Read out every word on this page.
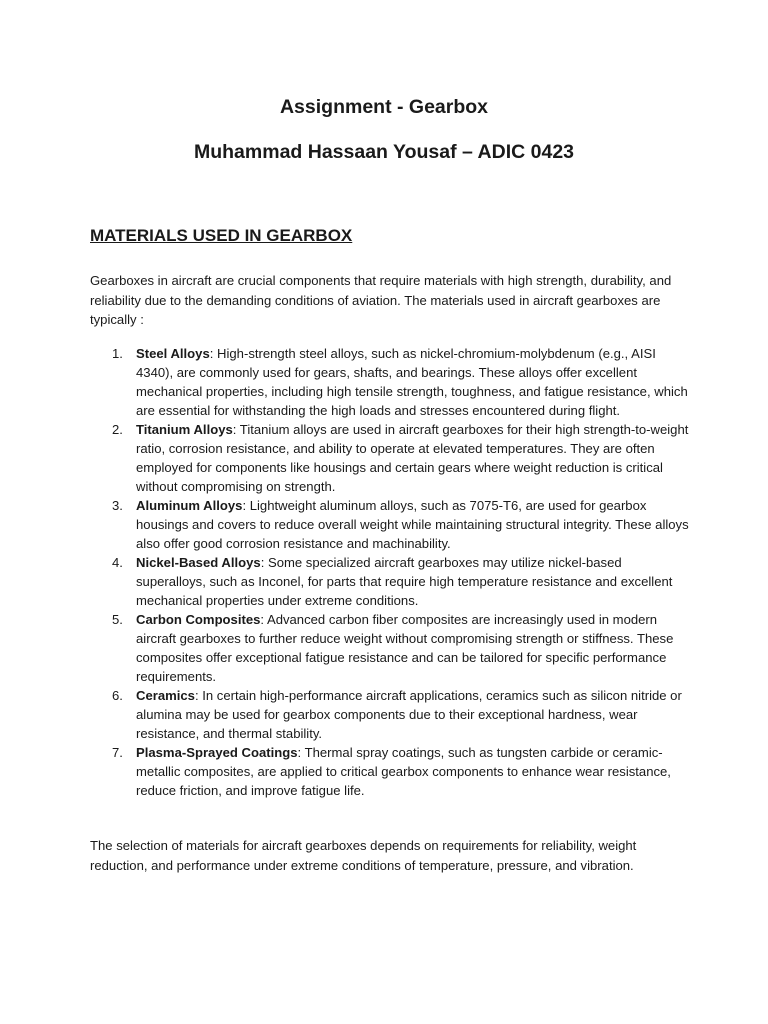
Assignment - Gearbox
Muhammad Hassaan Yousaf – ADIC 0423
MATERIALS USED IN GEARBOX

Gearboxes in aircraft are crucial components that require materials with high strength, durability, and reliability due to the demanding conditions of aviation. The materials used in aircraft gearboxes are typically :

1. Steel Alloys: High-strength steel alloys, such as nickel-chromium-molybdenum (e.g., AISI 4340), are commonly used for gears, shafts, and bearings. These alloys offer excellent mechanical properties, including high tensile strength, toughness, and fatigue resistance, which are essential for withstanding the high loads and stresses encountered during flight.
2. Titanium Alloys: Titanium alloys are used in aircraft gearboxes for their high strength-to-weight ratio, corrosion resistance, and ability to operate at elevated temperatures. They are often employed for components like housings and certain gears where weight reduction is critical without compromising on strength.
3. Aluminum Alloys: Lightweight aluminum alloys, such as 7075-T6, are used for gearbox housings and covers to reduce overall weight while maintaining structural integrity. These alloys also offer good corrosion resistance and machinability.
4. Nickel-Based Alloys: Some specialized aircraft gearboxes may utilize nickel-based superalloys, such as Inconel, for parts that require high temperature resistance and excellent mechanical properties under extreme conditions.
5. Carbon Composites: Advanced carbon fiber composites are increasingly used in modern aircraft gearboxes to further reduce weight without compromising strength or stiffness. These composites offer exceptional fatigue resistance and can be tailored for specific performance requirements.
6. Ceramics: In certain high-performance aircraft applications, ceramics such as silicon nitride or alumina may be used for gearbox components due to their exceptional hardness, wear resistance, and thermal stability.
7. Plasma-Sprayed Coatings: Thermal spray coatings, such as tungsten carbide or ceramic-metallic composites, are applied to critical gearbox components to enhance wear resistance, reduce friction, and improve fatigue life.

The selection of materials for aircraft gearboxes depends on requirements for reliability, weight reduction, and performance under extreme conditions of temperature, pressure, and vibration.
